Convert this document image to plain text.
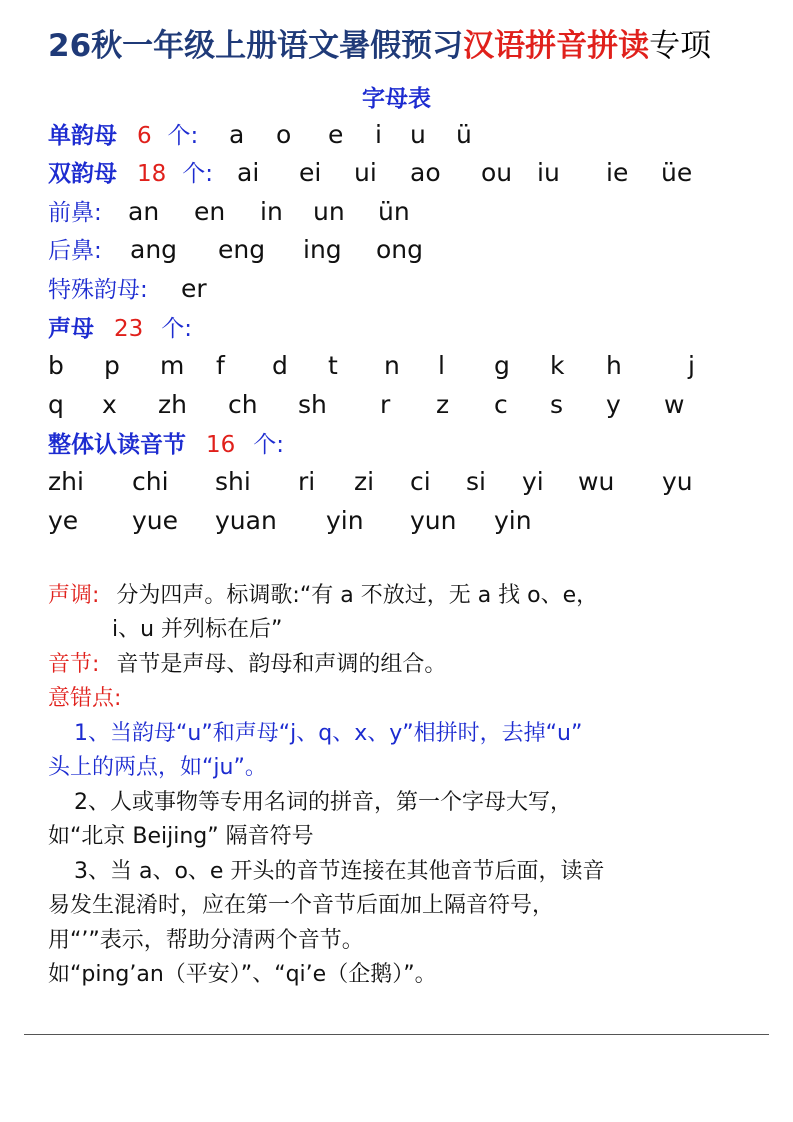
26秋一年级上册语文暑假预习汉语拼音拼读专项
字母表
单韵母 6 个: a o e i u ü
双韵母 18 个: ai ei ui ao ou iu ie üe
前鼻: an en in un ün
后鼻: ang eng ing ong
特殊韵母: er
声母 23 个:
b p m f d t n l g k h	j
q x zh ch sh r z c s y w
整体认读音节 16 个:
zhi chi shi ri zi ci si yi wu yu
ye yue yuan yin yun yin
声调: 分为四声。标调歌:“有 a 不放过，无 a 找 o、e，
i、u 并列标在后”
音节: 音节是声母、韵母和声调的组合。
意错点:
1、当韵母“u”和声母“j、q、x、y”相拼时，去掉“u”
头上的两点，如“ju”。
2、人或事物等专用名词的拼音，第一个字母大写，
如“北京 Beijing” 隔音符号
3、当 a、o、e 开头的音节连接在其他音节后面，读音
易发生混淆时，应在第一个音节后面加上隔音符号，
用“’”表示，帮助分清两个音节。
如“ping’an（平安）”、“qi’e（企鹅）”。
